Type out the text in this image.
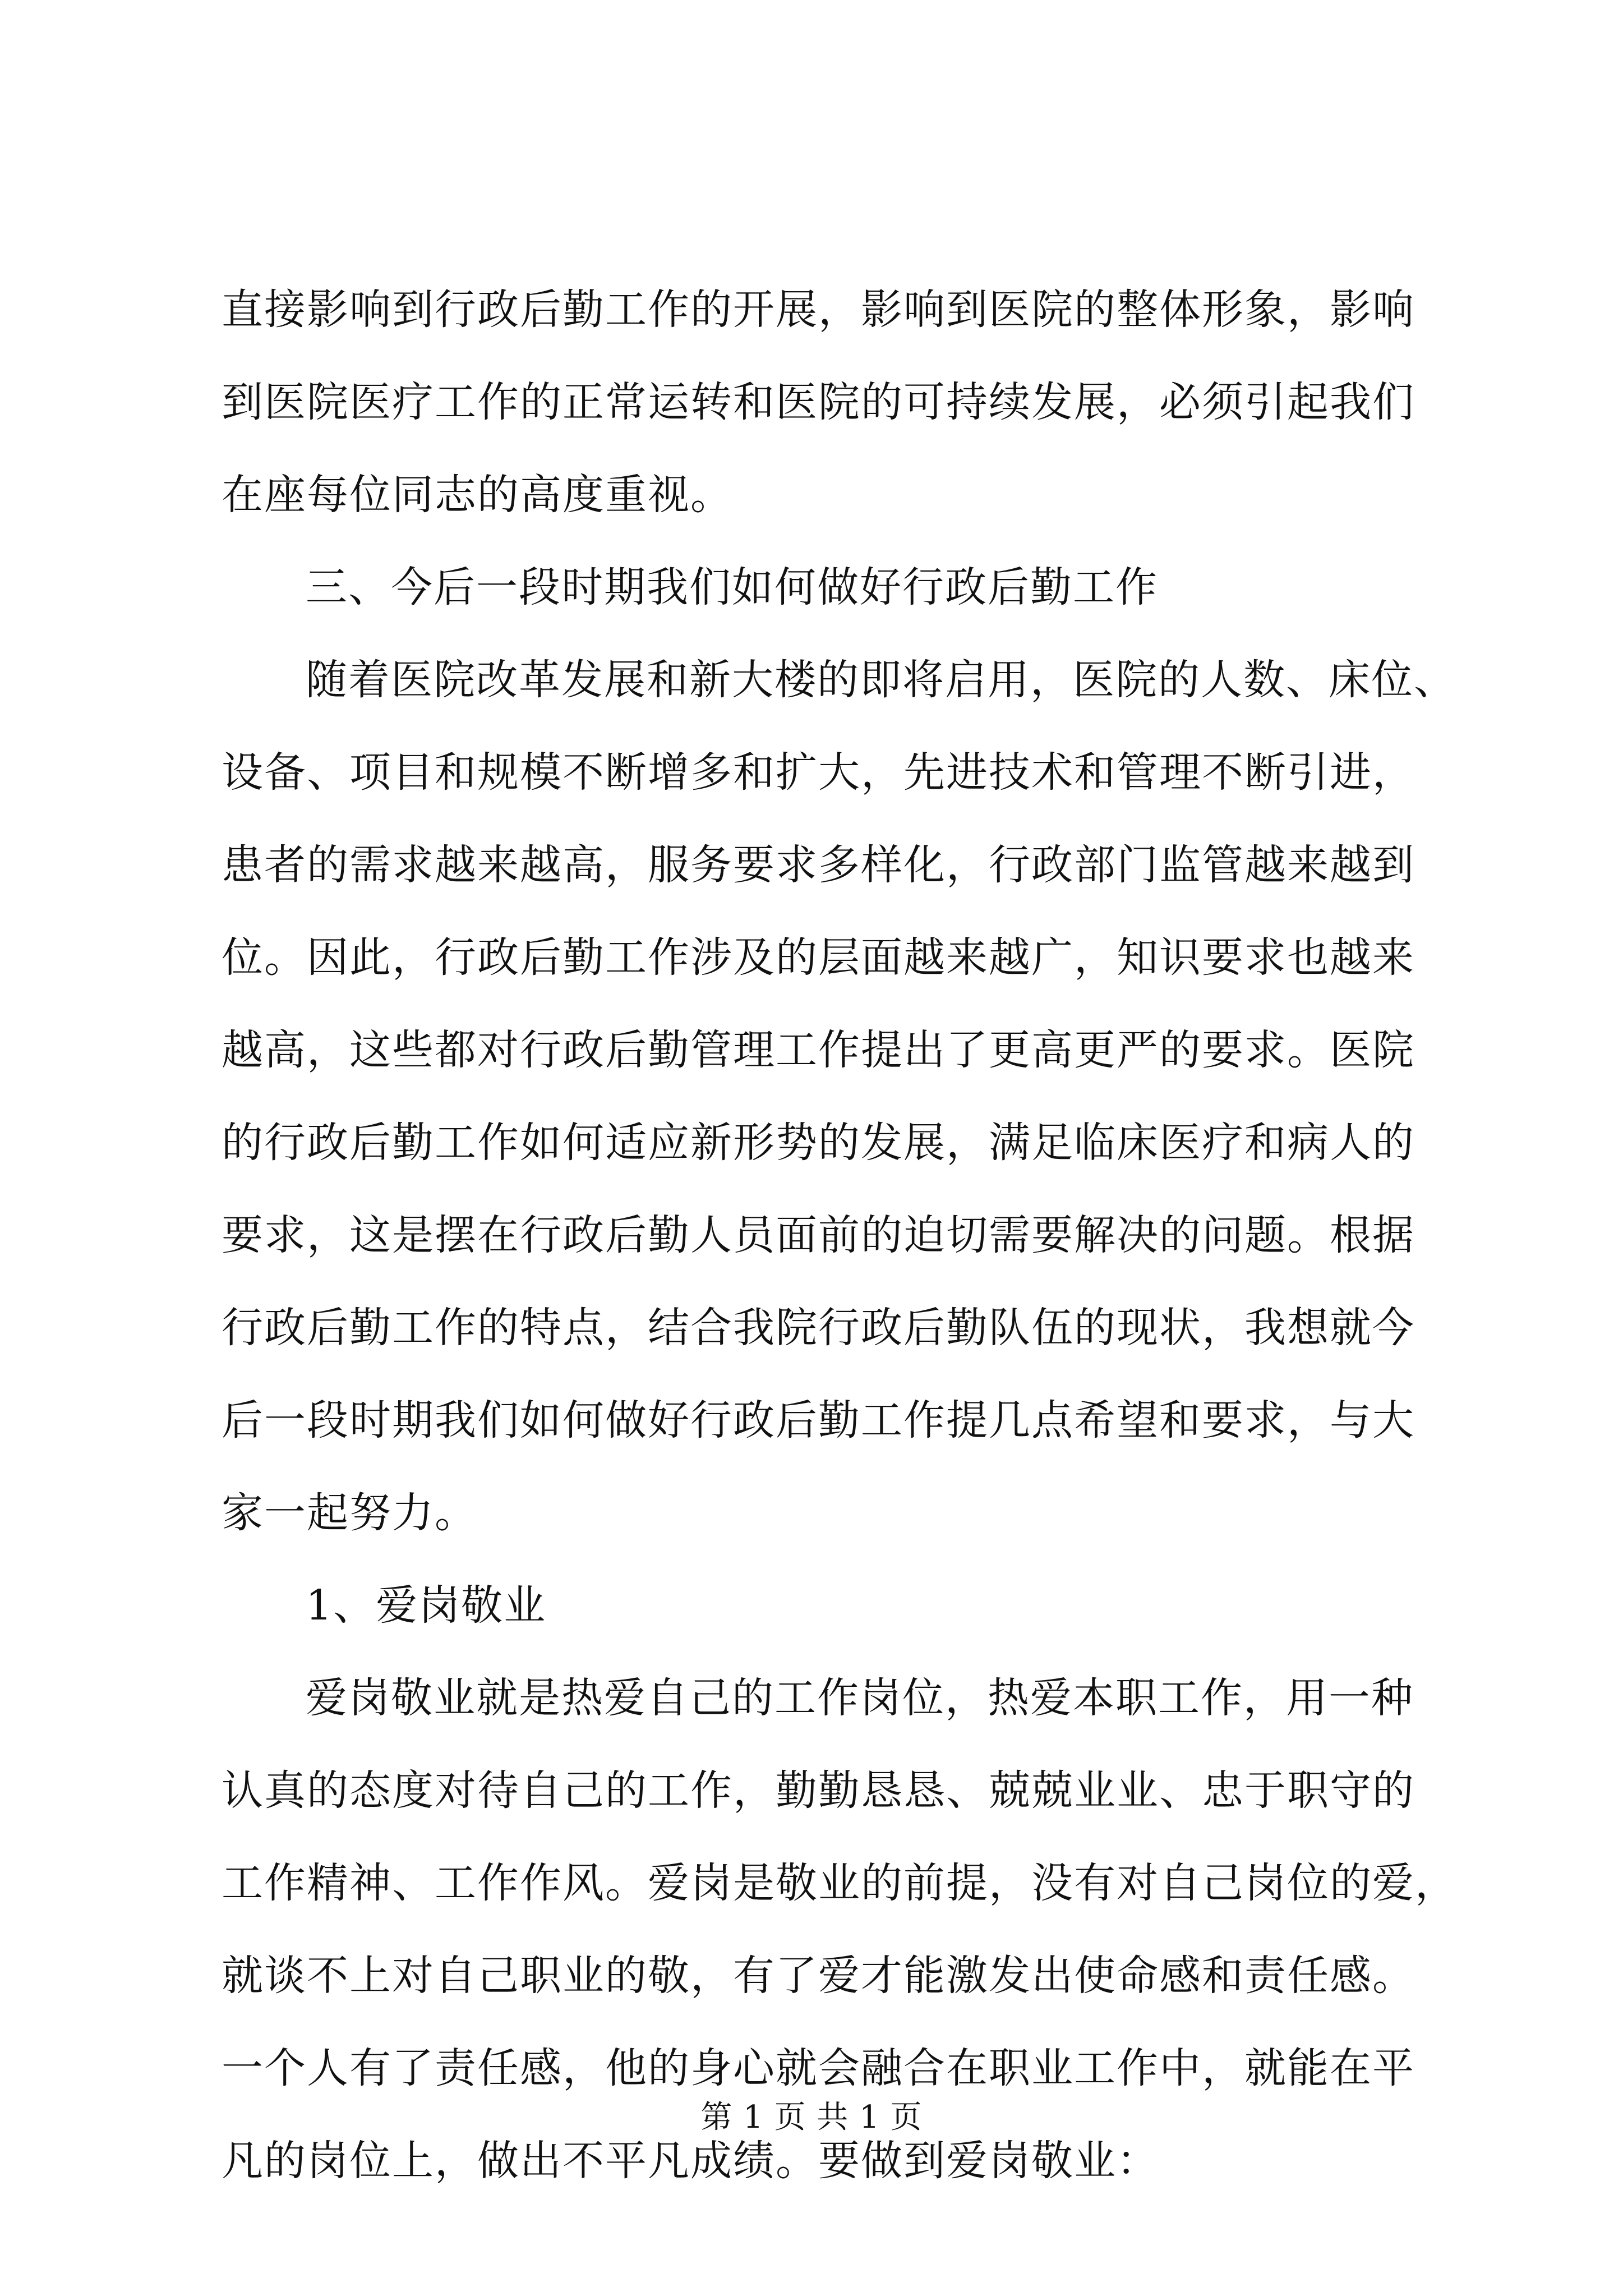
直接影响到行政后勤工作的开展，影响到医院的整体形象，影响
到医院医疗工作的正常运转和医院的可持续发展，必须引起我们
在座每位同志的高度重视。
三、今后一段时期我们如何做好行政后勤工作
随着医院改革发展和新大楼的即将启用，医院的人数、床位、
设备、项目和规模不断增多和扩大，先进技术和管理不断引进，
患者的需求越来越高，服务要求多样化，行政部门监管越来越到
位。因此，行政后勤工作涉及的层面越来越广，知识要求也越来
越高，这些都对行政后勤管理工作提出了更高更严的要求。医院
的行政后勤工作如何适应新形势的发展，满足临床医疗和病人的
要求，这是摆在行政后勤人员面前的迫切需要解决的问题。根据
行政后勤工作的特点，结合我院行政后勤队伍的现状，我想就今
后一段时期我们如何做好行政后勤工作提几点希望和要求，与大
家一起努力。
1、爱岗敬业
爱岗敬业就是热爱自己的工作岗位，热爱本职工作，用一种
认真的态度对待自己的工作，勤勤恳恳、兢兢业业、忠于职守的
工作精神、工作作风。爱岗是敬业的前提，没有对自己岗位的爱，
就谈不上对自己职业的敬，有了爱才能激发出使命感和责任感。
一个人有了责任感，他的身心就会融合在职业工作中，就能在平
凡的岗位上，做出不平凡成绩。要做到爱岗敬业：
第 1 页 共 1 页
